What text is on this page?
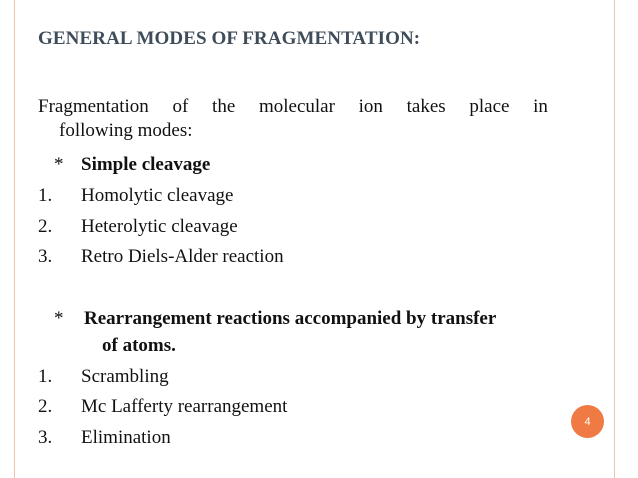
GENERAL MODES OF FRAGMENTATION:
Fragmentation of the molecular ion takes place in
following modes:
* Simple cleavage
1. Homolytic cleavage
2. Heterolytic cleavage
3. Retro Diels-Alder reaction
* Rearrangement reactions accompanied by transfer
of atoms.
1. Scrambling
2. Mc Lafferty rearrangement
3. Elimination
4
